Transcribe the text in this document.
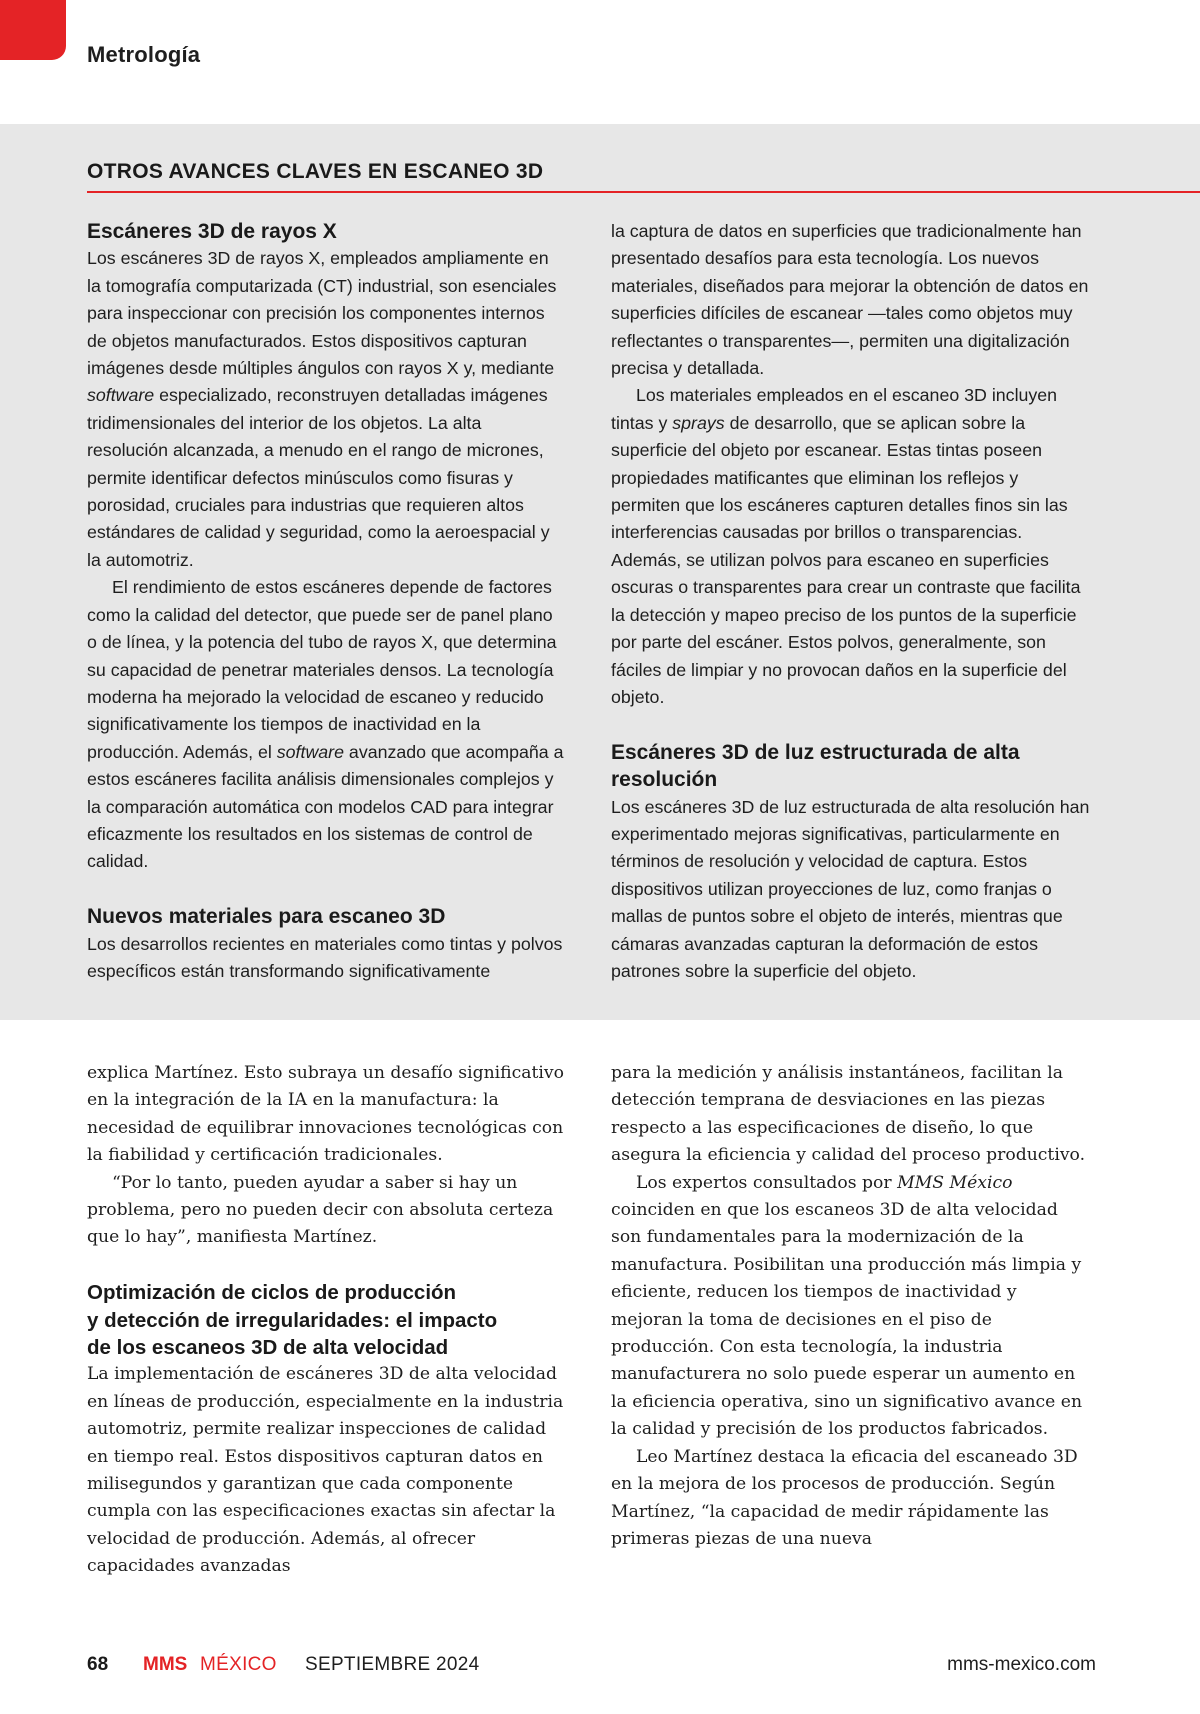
Metrología
OTROS AVANCES CLAVES EN ESCANEO 3D
Escáneres 3D de rayos X

Los escáneres 3D de rayos X, empleados ampliamente en la tomografía computarizada (CT) industrial, son esenciales para inspeccionar con precisión los componentes internos de objetos manufacturados. Estos dispositivos capturan imágenes desde múltiples ángulos con rayos X y, mediante software especializado, reconstruyen detalladas imágenes tridimensionales del interior de los objetos. La alta resolución alcanzada, a menudo en el rango de micrones, permite identificar defectos minúsculos como fisuras y porosidad, cruciales para industrias que requieren altos estándares de calidad y seguridad, como la aeroespacial y la automotriz.

El rendimiento de estos escáneres depende de factores como la calidad del detector, que puede ser de panel plano o de línea, y la potencia del tubo de rayos X, que determina su capacidad de penetrar materiales densos. La tecnología moderna ha mejorado la velocidad de escaneo y reducido significativamente los tiempos de inactividad en la producción. Además, el software avanzado que acompaña a estos escáneres facilita análisis dimensionales complejos y la comparación automática con modelos CAD para integrar eficazmente los resultados en los sistemas de control de calidad.

Nuevos materiales para escaneo 3D

Los desarrollos recientes en materiales como tintas y polvos específicos están transformando significativamente

la captura de datos en superficies que tradicionalmente han presentado desafíos para esta tecnología. Los nuevos materiales, diseñados para mejorar la obtención de datos en superficies difíciles de escanear —tales como objetos muy reflectantes o transparentes—, permiten una digitalización precisa y detallada.

Los materiales empleados en el escaneo 3D incluyen tintas y sprays de desarrollo, que se aplican sobre la superficie del objeto por escanear. Estas tintas poseen propiedades matificantes que eliminan los reflejos y permiten que los escáneres capturen detalles finos sin las interferencias causadas por brillos o transparencias. Además, se utilizan polvos para escaneo en superficies oscuras o transparentes para crear un contraste que facilita la detección y mapeo preciso de los puntos de la superficie por parte del escáner. Estos polvos, generalmente, son fáciles de limpiar y no provocan daños en la superficie del objeto.

Escáneres 3D de luz estructurada de alta resolución

Los escáneres 3D de luz estructurada de alta resolución han experimentado mejoras significativas, particularmente en términos de resolución y velocidad de captura. Estos dispositivos utilizan proyecciones de luz, como franjas o mallas de puntos sobre el objeto de interés, mientras que cámaras avanzadas capturan la deformación de estos patrones sobre la superficie del objeto.

explica Martínez. Esto subraya un desafío significativo en la integración de la IA en la manufactura: la necesidad de equilibrar innovaciones tecnológicas con la fiabilidad y certificación tradicionales.

“Por lo tanto, pueden ayudar a saber si hay un problema, pero no pueden decir con absoluta certeza que lo hay”, manifiesta Martínez.

Optimización de ciclos de producción
y detección de irregularidades: el impacto
de los escaneos 3D de alta velocidad

La implementación de escáneres 3D de alta velocidad en líneas de producción, especialmente en la industria automotriz, permite realizar inspecciones de calidad en tiempo real. Estos dispositivos capturan datos en milisegundos y garantizan que cada componente cumpla con las especificaciones exactas sin afectar la velocidad de producción. Además, al ofrecer capacidades avanzadas

para la medición y análisis instantáneos, facilitan la detección temprana de desviaciones en las piezas respecto a las especificaciones de diseño, lo que asegura la eficiencia y calidad del proceso productivo.

Los expertos consultados por MMS México coinciden en que los escaneos 3D de alta velocidad son fundamentales para la modernización de la manufactura. Posibilitan una producción más limpia y eficiente, reducen los tiempos de inactividad y mejoran la toma de decisiones en el piso de producción. Con esta tecnología, la industria manufacturera no solo puede esperar un aumento en la eficiencia operativa, sino un significativo avance en la calidad y precisión de los productos fabricados.

Leo Martínez destaca la eficacia del escaneado 3D en la mejora de los procesos de producción. Según Martínez, “la capacidad de medir rápidamente las primeras piezas de una nueva

68 MMS MÉXICO SEPTIEMBRE 2024	mms-mexico.com
